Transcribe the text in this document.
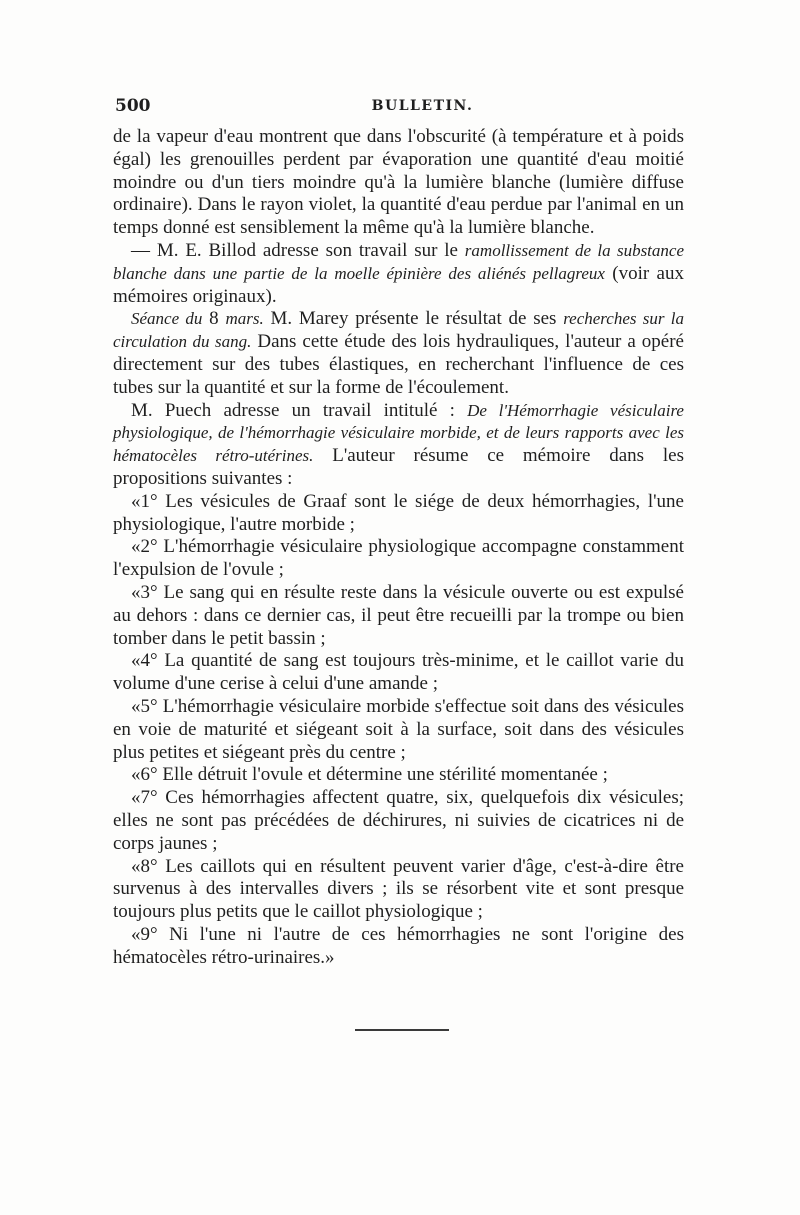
500	BULLETIN.

de la vapeur d'eau montrent que dans l'obscurité (à température et à poids égal) les grenouilles perdent par évaporation une quantité d'eau moitié moindre ou d'un tiers moindre qu'à la lumière blanche (lumière diffuse ordinaire). Dans le rayon violet, la quantité d'eau perdue par l'animal en un temps donné est sensiblement la même qu'à la lumière blanche.

— M. E. Billod adresse son travail sur le ramollissement de la substance blanche dans une partie de la moelle épinière des aliénés pellagreux (voir aux mémoires originaux).

Séance du 8 mars. M. Marey présente le résultat de ses recherches sur la circulation du sang. Dans cette étude des lois hydrauliques, l'auteur a opéré directement sur des tubes élastiques, en recherchant l'influence de ces tubes sur la quantité et sur la forme de l'écoulement.

M. Puech adresse un travail intitulé : De l'Hémorrhagie vésiculaire physiologique, de l'hémorrhagie vésiculaire morbide, et de leurs rapports avec les hématocèles rétro-utérines. L'auteur résume ce mémoire dans les propositions suivantes :

«1° Les vésicules de Graaf sont le siége de deux hémorrhagies, l'une physiologique, l'autre morbide ;

«2° L'hémorrhagie vésiculaire physiologique accompagne constamment l'expulsion de l'ovule ;

«3° Le sang qui en résulte reste dans la vésicule ouverte ou est expulsé au dehors : dans ce dernier cas, il peut être recueilli par la trompe ou bien tomber dans le petit bassin ;

«4° La quantité de sang est toujours très-minime, et le caillot varie du volume d'une cerise à celui d'une amande ;

«5° L'hémorrhagie vésiculaire morbide s'effectue soit dans des vésicules en voie de maturité et siégeant soit à la surface, soit dans des vésicules plus petites et siégeant près du centre ;

«6° Elle détruit l'ovule et détermine une stérilité momentanée ;

«7° Ces hémorrhagies affectent quatre, six, quelquefois dix vésicules; elles ne sont pas précédées de déchirures, ni suivies de cicatrices ni de corps jaunes ;

«8° Les caillots qui en résultent peuvent varier d'âge, c'est-à-dire être survenus à des intervalles divers ; ils se résorbent vite et sont presque toujours plus petits que le caillot physiologique ;

«9° Ni l'une ni l'autre de ces hémorrhagies ne sont l'origine des hématocèles rétro-urinaires.»
